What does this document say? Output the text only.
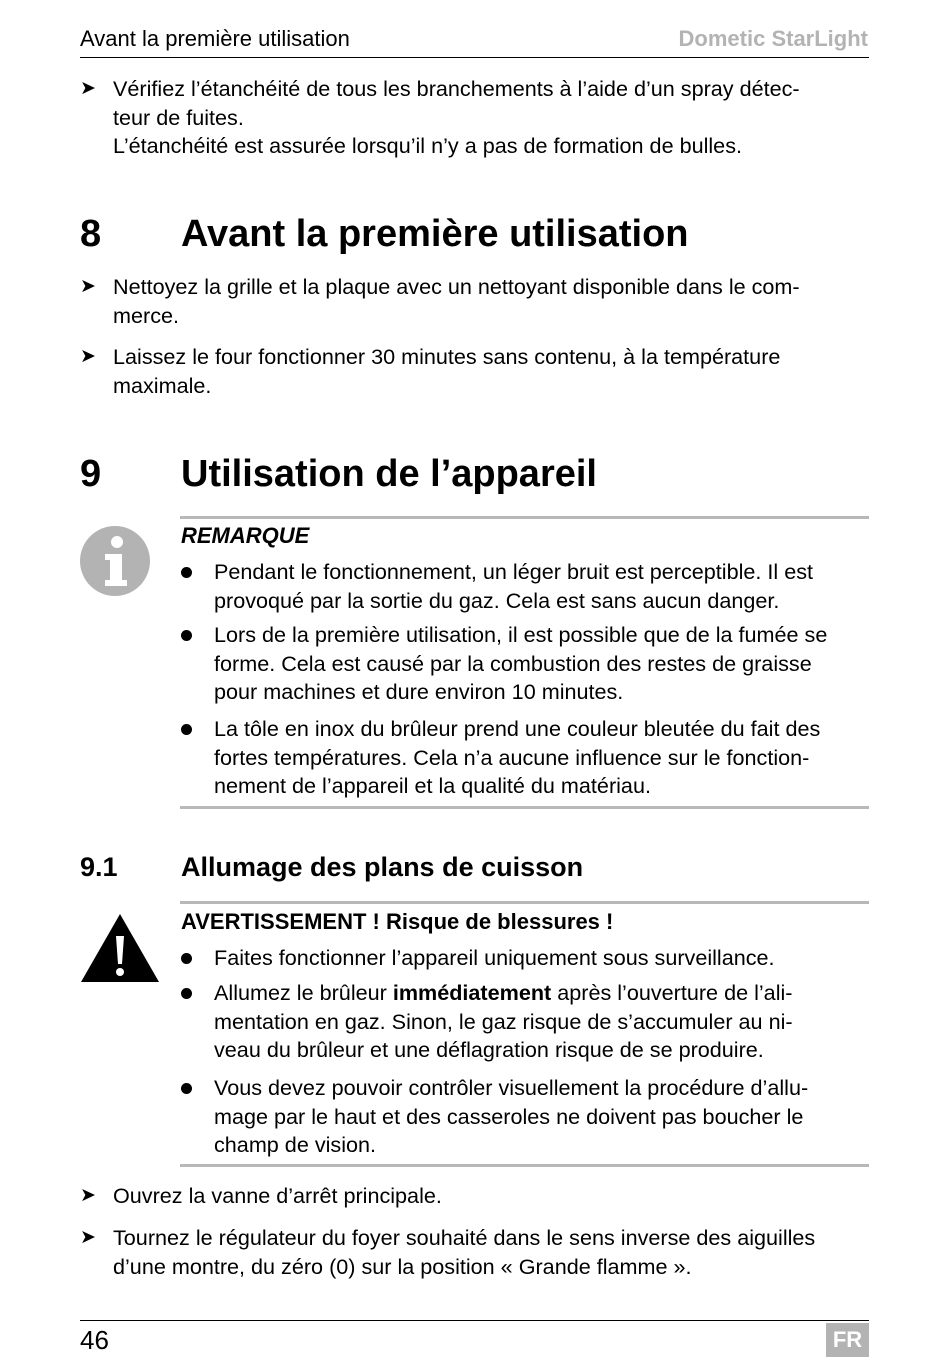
Avant la première utilisation	Dometic StarLight
➤ Vérifiez l’étanchéité de tous les branchements à l’aide d’un spray détec-
teur de fuites.
L’étanchéité est assurée lorsqu’il n’y a pas de formation de bulles.
8 Avant la première utilisation
➤ Nettoyez la grille et la plaque avec un nettoyant disponible dans le com-
merce.
➤ Laissez le four fonctionner 30 minutes sans contenu, à la température
maximale.
9 Utilisation de l’appareil
REMARQUE
Pendant le fonctionnement, un léger bruit est perceptible. Il est
provoqué par la sortie du gaz. Cela est sans aucun danger.
Lors de la première utilisation, il est possible que de la fumée se
forme. Cela est causé par la combustion des restes de graisse
pour machines et dure environ 10 minutes.
La tôle en inox du brûleur prend une couleur bleutée du fait des
fortes températures. Cela n’a aucune influence sur le fonction-
nement de l’appareil et la qualité du matériau.
9.1 Allumage des plans de cuisson
AVERTISSEMENT ! Risque de blessures !
Faites fonctionner l’appareil uniquement sous surveillance.
Allumez le brûleur immédiatement après l’ouverture de l’ali-
mentation en gaz. Sinon, le gaz risque de s’accumuler au ni-
veau du brûleur et une déflagration risque de se produire.
Vous devez pouvoir contrôler visuellement la procédure d’allu-
mage par le haut et des casseroles ne doivent pas boucher le
champ de vision.
➤ Ouvrez la vanne d’arrêt principale.
➤ Tournez le régulateur du foyer souhaité dans le sens inverse des aiguilles
d’une montre, du zéro (0) sur la position « Grande flamme ».
46	FR
